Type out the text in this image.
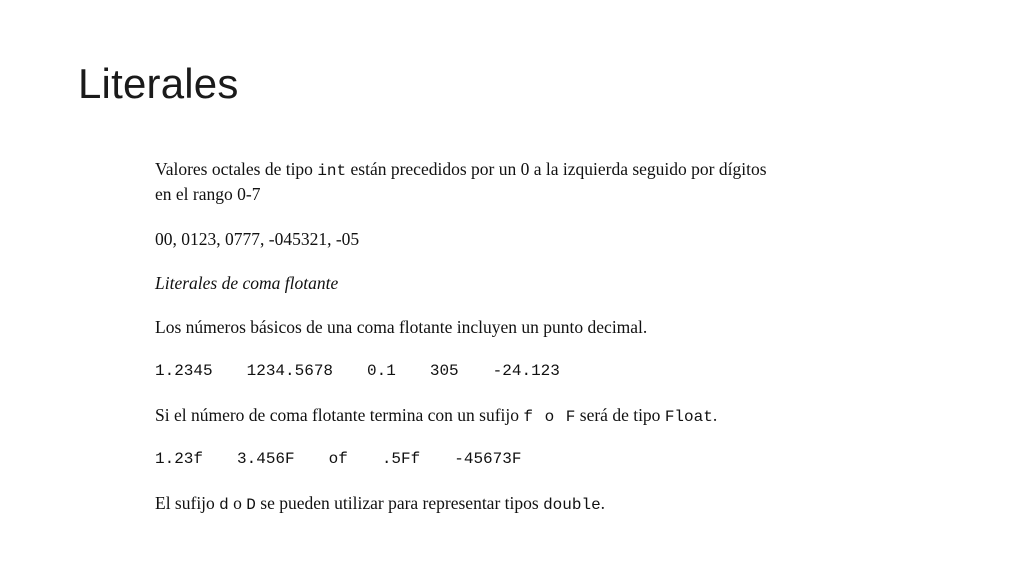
Literales

Valores octales de tipo int están precedidos por un 0 a la izquierda seguido por dígitos

en el rango 0-7

00, 0123, 0777, -045321, -05

Literales de coma flotante

Los números básicos de una coma flotante incluyen un punto decimal.

1.2345 1234.5678 0.1 305 -24.123

Si el número de coma flotante termina con un sufijo f o F será de tipo Float.

1.23f 3.456F of .5Ff -45673F

El sufijo d o D se pueden utilizar para representar tipos double.
